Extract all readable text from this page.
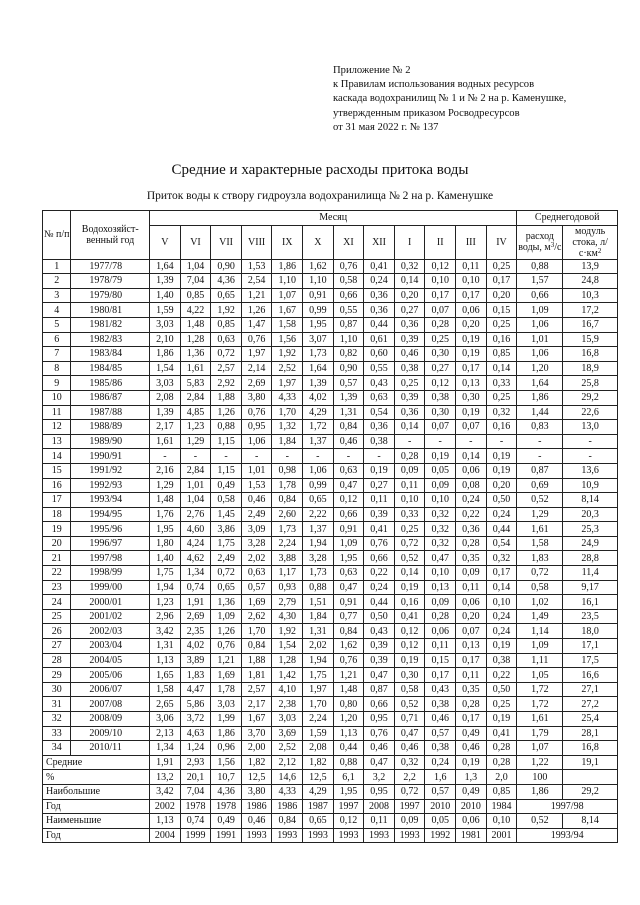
Приложение № 2
к Правилам использования водных ресурсов
каскада водохранилищ № 1 и № 2 на р. Каменушке,
утвержденным приказом Росводресурсов
от 31 мая 2022 г. № 137
Средние и характерные расходы притока воды
Приток воды к створу гидроузла водохранилища № 2 на р. Каменушке
№ п/п	Водохозяйст-венный год	Месяц												Среднегодовой	
		V	VI	VII	VIII	IX	X	XI	XII	I	II	III	IV	расход воды, $м^3/с$	модуль стока, $л/с\cdot км^2$
1	1977/78	1,64	1,04	0,90	1,53	1,86	1,62	0,76	0,41	0,32	0,12	0,11	0,25	0,88	13,9
2	1978/79	1,39	7,04	4,36	2,54	1,10	1,10	0,58	0,24	0,14	0,10	0,10	0,17	1,57	24,8
3	1979/80	1,40	0,85	0,65	1,21	1,07	0,91	0,66	0,36	0,20	0,17	0,17	0,20	0,66	10,3
4	1980/81	1,59	4,22	1,92	1,26	1,67	0,99	0,55	0,36	0,27	0,07	0,06	0,15	1,09	17,2
5	1981/82	3,03	1,48	0,85	1,47	1,58	1,95	0,87	0,44	0,36	0,28	0,20	0,25	1,06	16,7
6	1982/83	2,10	1,28	0,63	0,76	1,56	3,07	1,10	0,61	0,39	0,25	0,19	0,16	1,01	15,9
7	1983/84	1,86	1,36	0,72	1,97	1,92	1,73	0,82	0,60	0,46	0,30	0,19	0,85	1,06	16,8
8	1984/85	1,54	1,61	2,57	2,14	2,52	1,64	0,90	0,55	0,38	0,27	0,17	0,14	1,20	18,9
9	1985/86	3,03	5,83	2,92	2,69	1,97	1,39	0,57	0,43	0,25	0,12	0,13	0,33	1,64	25,8
10	1986/87	2,08	2,84	1,88	3,80	4,33	4,02	1,39	0,63	0,39	0,38	0,30	0,25	1,86	29,2
11	1987/88	1,39	4,85	1,26	0,76	1,70	4,29	1,31	0,54	0,36	0,30	0,19	0,32	1,44	22,6
12	1988/89	2,17	1,23	0,88	0,95	1,32	1,72	0,84	0,36	0,14	0,07	0,07	0,16	0,83	13,0
13	1989/90	1,61	1,29	1,15	1,06	1,84	1,37	0,46	0,38	-	-	-	-	-	-
14	1990/91	-	-	-	-	-	-	-	-	0,28	0,19	0,14	0,19	-	-
15	1991/92	2,16	2,84	1,15	1,01	0,98	1,06	0,63	0,19	0,09	0,05	0,06	0,19	0,87	13,6
16	1992/93	1,29	1,01	0,49	1,53	1,78	0,99	0,47	0,27	0,11	0,09	0,08	0,20	0,69	10,9
17	1993/94	1,48	1,04	0,58	0,46	0,84	0,65	0,12	0,11	0,10	0,10	0,24	0,50	0,52	8,14
18	1994/95	1,76	2,76	1,45	2,49	2,60	2,22	0,66	0,39	0,33	0,32	0,22	0,24	1,29	20,3
19	1995/96	1,95	4,60	3,86	3,09	1,73	1,37	0,91	0,41	0,25	0,32	0,36	0,44	1,61	25,3
20	1996/97	1,80	4,24	1,75	3,28	2,24	1,94	1,09	0,76	0,72	0,32	0,28	0,54	1,58	24,9
21	1997/98	1,40	4,62	2,49	2,02	3,88	3,28	1,95	0,66	0,52	0,47	0,35	0,32	1,83	28,8
22	1998/99	1,75	1,34	0,72	0,63	1,17	1,73	0,63	0,22	0,14	0,10	0,09	0,17	0,72	11,4
23	1999/00	1,94	0,74	0,65	0,57	0,93	0,88	0,47	0,24	0,19	0,13	0,11	0,14	0,58	9,17
24	2000/01	1,23	1,91	1,36	1,69	2,79	1,51	0,91	0,44	0,16	0,09	0,06	0,10	1,02	16,1
25	2001/02	2,96	2,69	1,09	2,62	4,30	1,84	0,77	0,50	0,41	0,28	0,20	0,24	1,49	23,5
26	2002/03	3,42	2,35	1,26	1,70	1,92	1,31	0,84	0,43	0,12	0,06	0,07	0,24	1,14	18,0
27	2003/04	1,31	4,02	0,76	0,84	1,54	2,02	1,62	0,39	0,12	0,11	0,13	0,19	1,09	17,1
28	2004/05	1,13	3,89	1,21	1,88	1,28	1,94	0,76	0,39	0,19	0,15	0,17	0,38	1,11	17,5
29	2005/06	1,65	1,83	1,69	1,81	1,42	1,75	1,21	0,47	0,30	0,17	0,11	0,22	1,05	16,6
30	2006/07	1,58	4,47	1,78	2,57	4,10	1,97	1,48	0,87	0,58	0,43	0,35	0,50	1,72	27,1
31	2007/08	2,65	5,86	3,03	2,17	2,38	1,70	0,80	0,66	0,52	0,38	0,28	0,25	1,72	27,2
32	2008/09	3,06	3,72	1,99	1,67	3,03	2,24	1,20	0,95	0,71	0,46	0,17	0,19	1,61	25,4
33	2009/10	2,13	4,63	1,86	3,70	3,69	1,59	1,13	0,76	0,47	0,57	0,49	0,41	1,79	28,1
34	2010/11	1,34	1,24	0,96	2,00	2,52	2,08	0,44	0,46	0,46	0,38	0,46	0,28	1,07	16,8
Средние		1,91	2,93	1,56	1,82	2,12	1,82	0,88	0,47	0,32	0,24	0,19	0,28	1,22	19,1
%		13,2	20,1	10,7	12,5	14,6	12,5	6,1	3,2	2,2	1,6	1,3	2,0	100	
Наибольшие		3,42	7,04	4,36	3,80	4,33	4,29	1,95	0,95	0,72	0,57	0,49	0,85	1,86	29,2
Год		2002	1978	1978	1986	1986	1987	1997	2008	1997	2010	2010	1984	1997/98	
Наименьшие		1,13	0,74	0,49	0,46	0,84	0,65	0,12	0,11	0,09	0,05	0,06	0,10	0,52	8,14
Год		2004	1999	1991	1993	1993	1993	1993	1993	1993	1992	1981	2001	1993/94	
